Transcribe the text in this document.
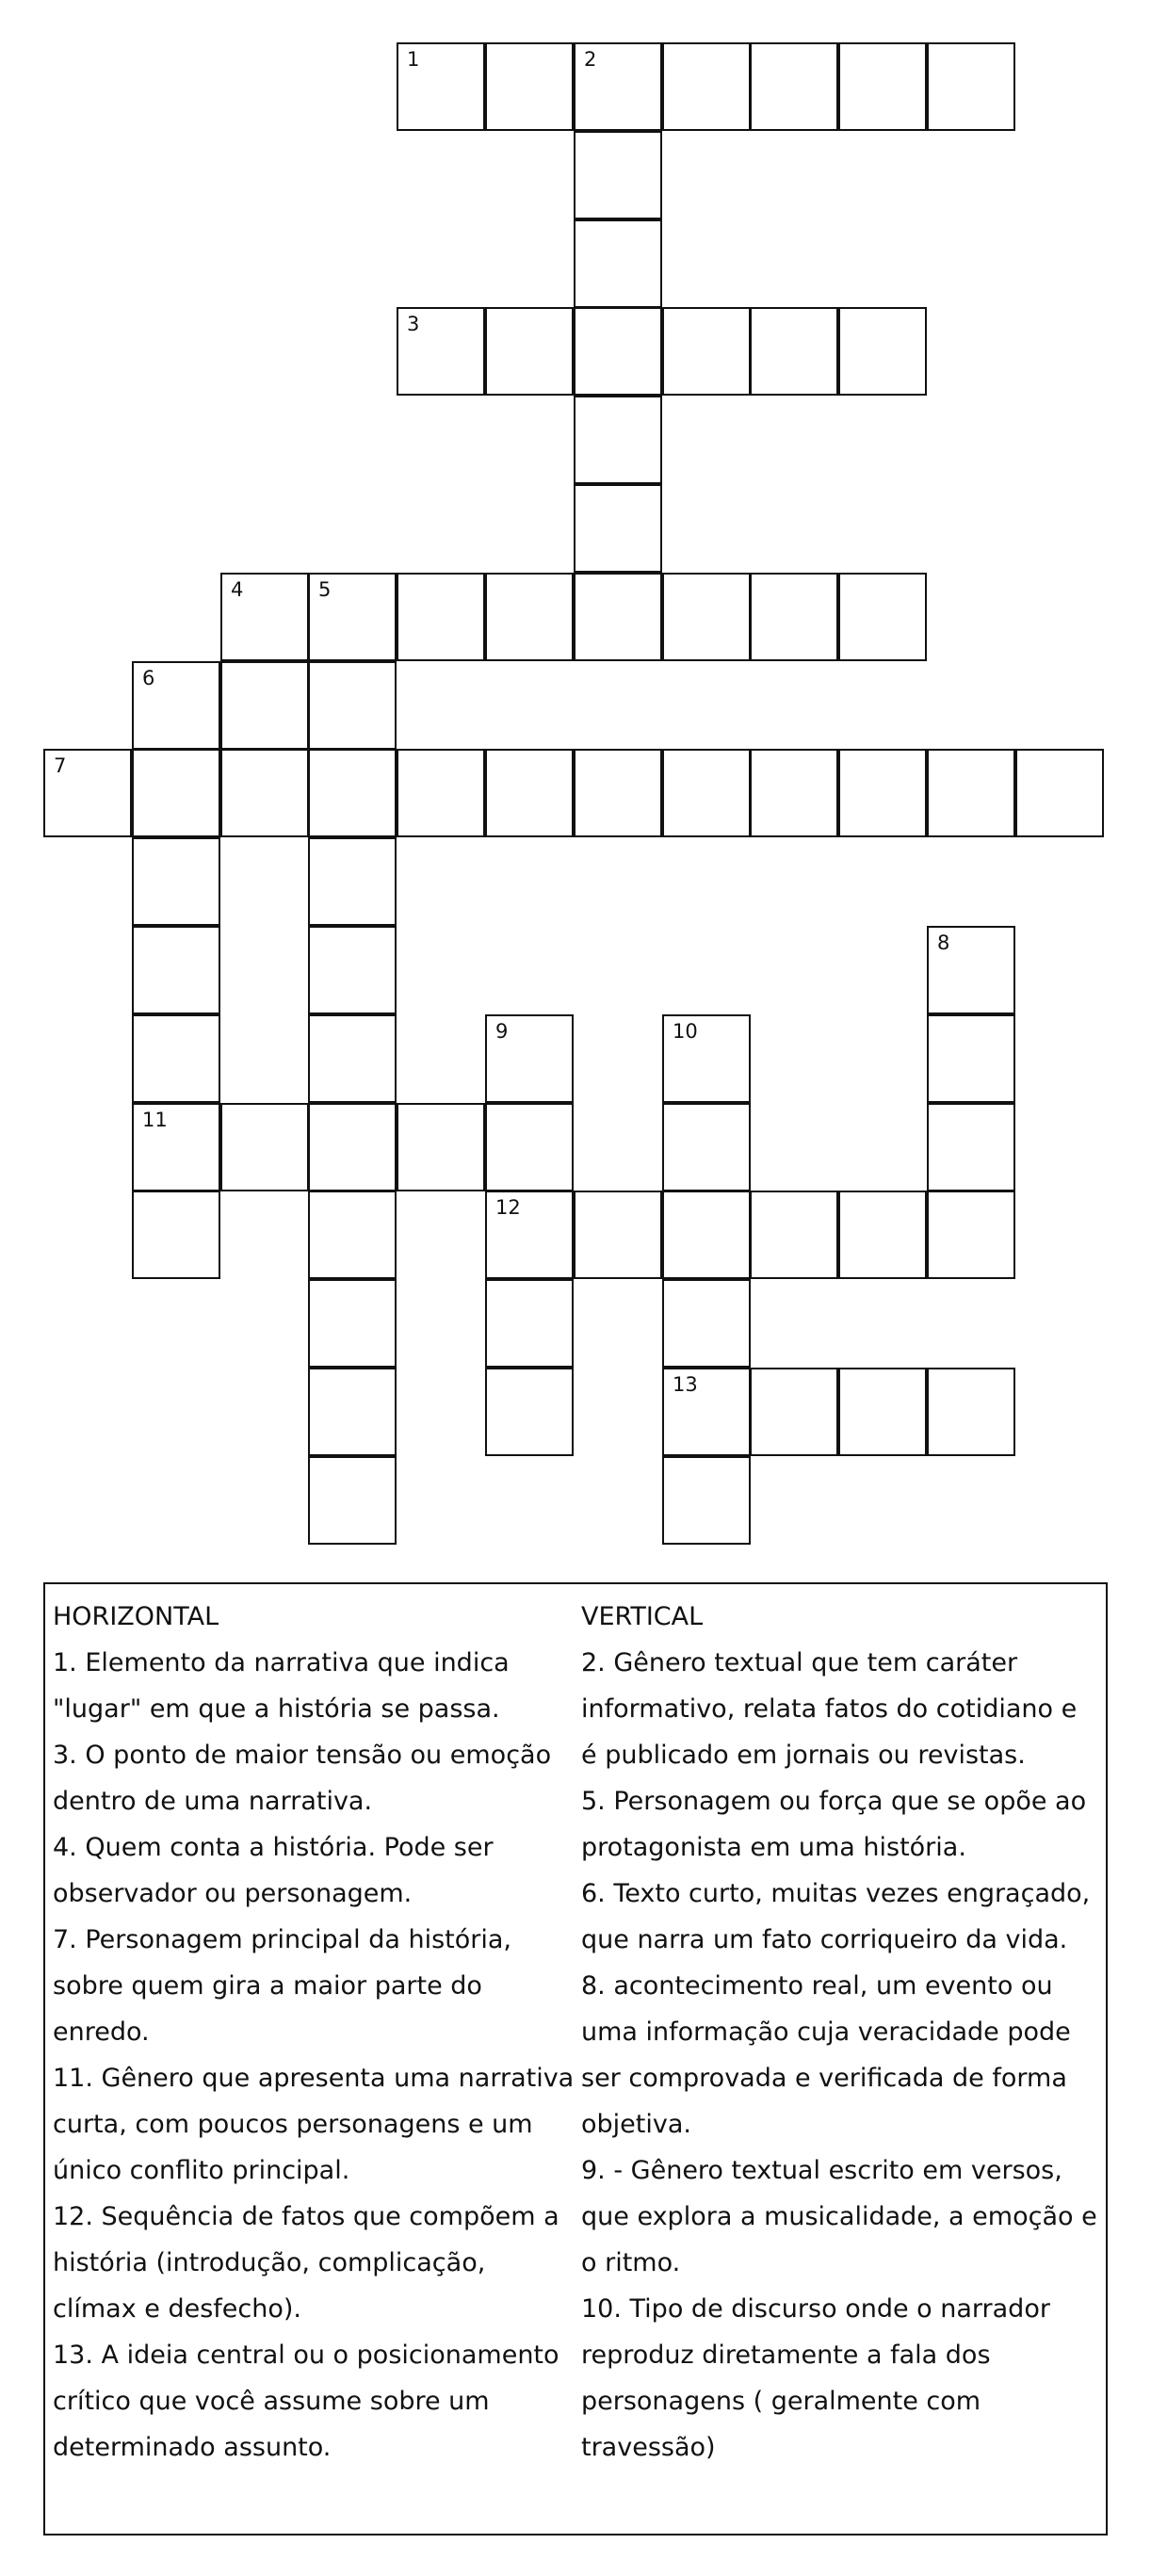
1	2
3
4	5
6
7
8
9	10
11
12
13

HORIZONTAL

1. Elemento da narrativa que indica

"lugar" em que a história se passa.

3. O ponto de maior tensão ou emoção

dentro de uma narrativa.

4. Quem conta a história. Pode ser

observador ou personagem.

7. Personagem principal da história,

sobre quem gira a maior parte do

enredo.

11. Gênero que apresenta uma narrativa

curta, com poucos personagens e um

único conflito principal.

12. Sequência de fatos que compõem a

história (introdução, complicação,

clímax e desfecho).

13. A ideia central ou o posicionamento

crítico que você assume sobre um

determinado assunto.

VERTICAL

2. Gênero textual que tem caráter

informativo, relata fatos do cotidiano e

é publicado em jornais ou revistas.

5. Personagem ou força que se opõe ao

protagonista em uma história.

6. Texto curto, muitas vezes engraçado,

que narra um fato corriqueiro da vida.

8. acontecimento real, um evento ou

uma informação cuja veracidade pode

ser comprovada e verificada de forma

objetiva.

9. - Gênero textual escrito em versos,

que explora a musicalidade, a emoção e

o ritmo.

10. Tipo de discurso onde o narrador

reproduz diretamente a fala dos

personagens ( geralmente com

travessão)
